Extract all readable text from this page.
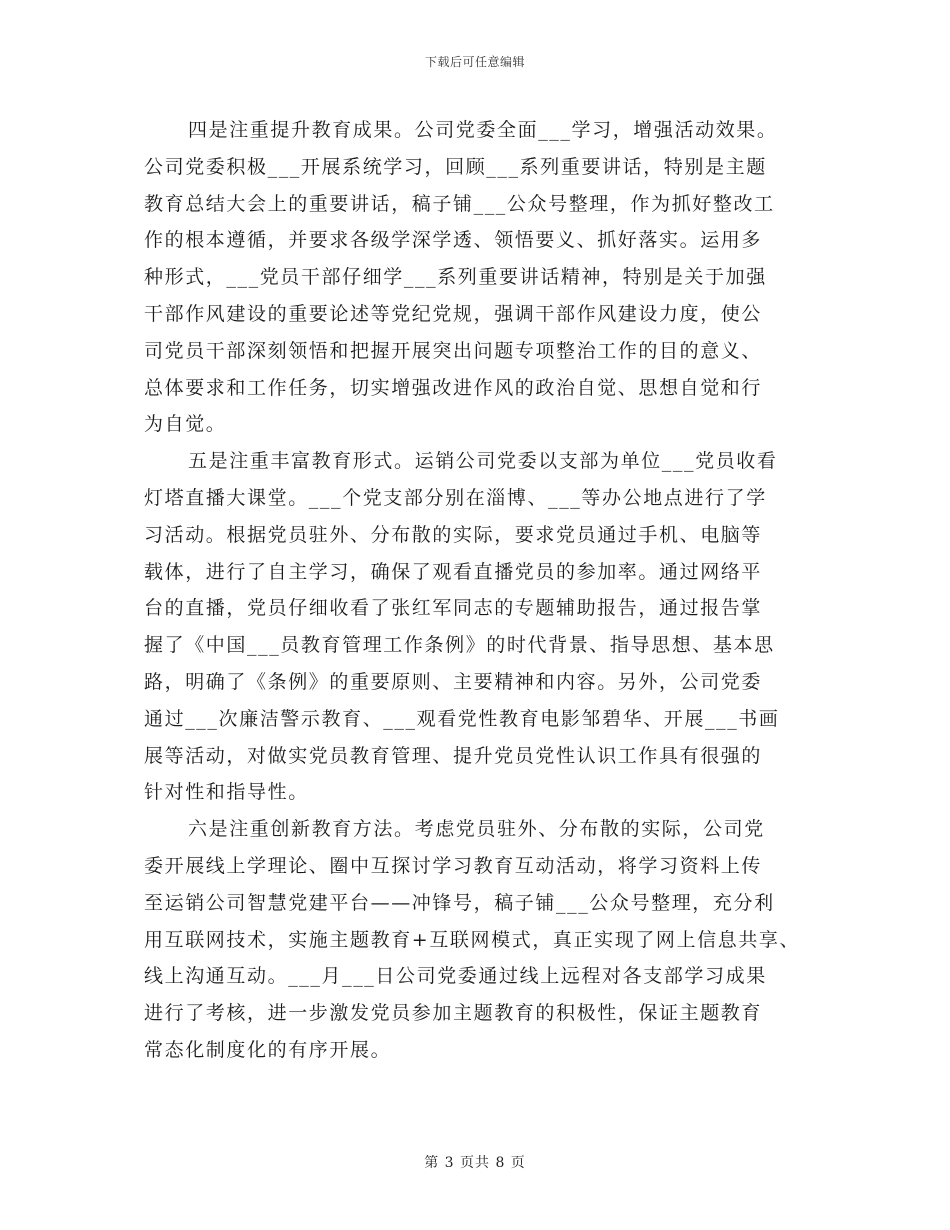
下载后可任意编辑
四是注重提升教育成果。公司党委全面___学习，增强活动效果。
公司党委积极___开展系统学习，回顾___系列重要讲话，特别是主题
教育总结大会上的重要讲话，稿子铺___公众号整理，作为抓好整改工
作的根本遵循，并要求各级学深学透、领悟要义、抓好落实。运用多
种形式，___党员干部仔细学___系列重要讲话精神，特别是关于加强
干部作风建设的重要论述等党纪党规，强调干部作风建设力度，使公
司党员干部深刻领悟和把握开展突出问题专项整治工作的目的意义、
总体要求和工作任务，切实增强改进作风的政治自觉、思想自觉和行
为自觉。
五是注重丰富教育形式。运销公司党委以支部为单位___党员收看
灯塔直播大课堂。___个党支部分别在淄博、___等办公地点进行了学
习活动。根据党员驻外、分布散的实际，要求党员通过手机、电脑等
载体，进行了自主学习，确保了观看直播党员的参加率。通过网络平
台的直播，党员仔细收看了张红军同志的专题辅助报告，通过报告掌
握了《中国___员教育管理工作条例》的时代背景、指导思想、基本思
路，明确了《条例》的重要原则、主要精神和内容。另外，公司党委
通过___次廉洁警示教育、___观看党性教育电影邹碧华、开展___书画
展等活动，对做实党员教育管理、提升党员党性认识工作具有很强的
针对性和指导性。
六是注重创新教育方法。考虑党员驻外、分布散的实际，公司党
委开展线上学理论、圈中互探讨学习教育互动活动，将学习资料上传
至运销公司智慧党建平台——冲锋号，稿子铺___公众号整理，充分利
用互联网技术，实施主题教育+互联网模式，真正实现了网上信息共享、
线上沟通互动。___月___日公司党委通过线上远程对各支部学习成果
进行了考核，进一步激发党员参加主题教育的积极性，保证主题教育
常态化制度化的有序开展。
第 3 页共 8 页
